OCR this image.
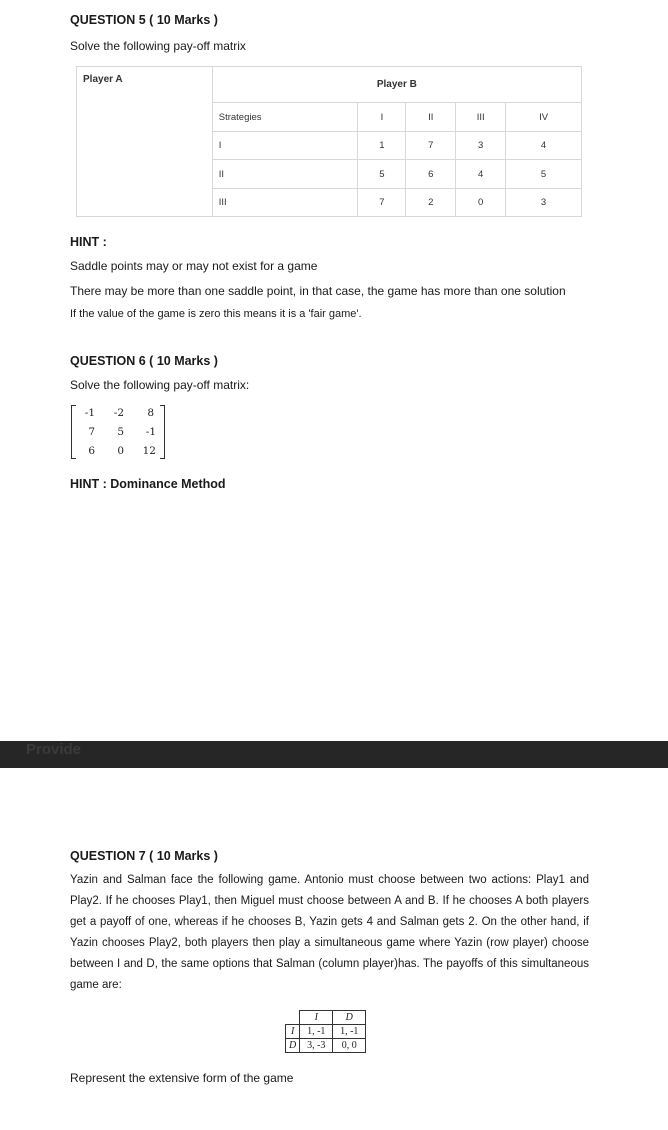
QUESTION 5 ( 10 Marks )
Solve the following pay-off matrix
Player A	Player B				
	Strategies	I	II	III	IV
	I	1	7	3	4
	II	5	6	4	5
	III	7	2	0	3
HINT :
Saddle points may or may not exist for a game
There may be more than one saddle point, in that case, the game has more than one solution
If the value of the game is zero this means it is a 'fair game'.
QUESTION 6 ( 10 Marks )
Solve the following pay-off matrix:
-1	-2	8
7	5	-1
6	0	12
HINT : Dominance Method
Provide
QUESTION 7 ( 10 Marks )
Yazin and Salman face the following game. Antonio must choose between two actions: Play1 and Play2. If he chooses Play1, then Miguel must choose between A and B. If he chooses A both players get a payoff of one, whereas if he chooses B, Yazin gets 4 and Salman gets 2. On the other hand, if Yazin chooses Play2, both players then play a simultaneous game where Yazin (row player) choose between I and D, the same options that Salman (column player)has. The payoffs of this simultaneous game are:
	I	D
I	1, -1	1, -1
D	3, -3	0, 0
Represent the extensive form of the game
